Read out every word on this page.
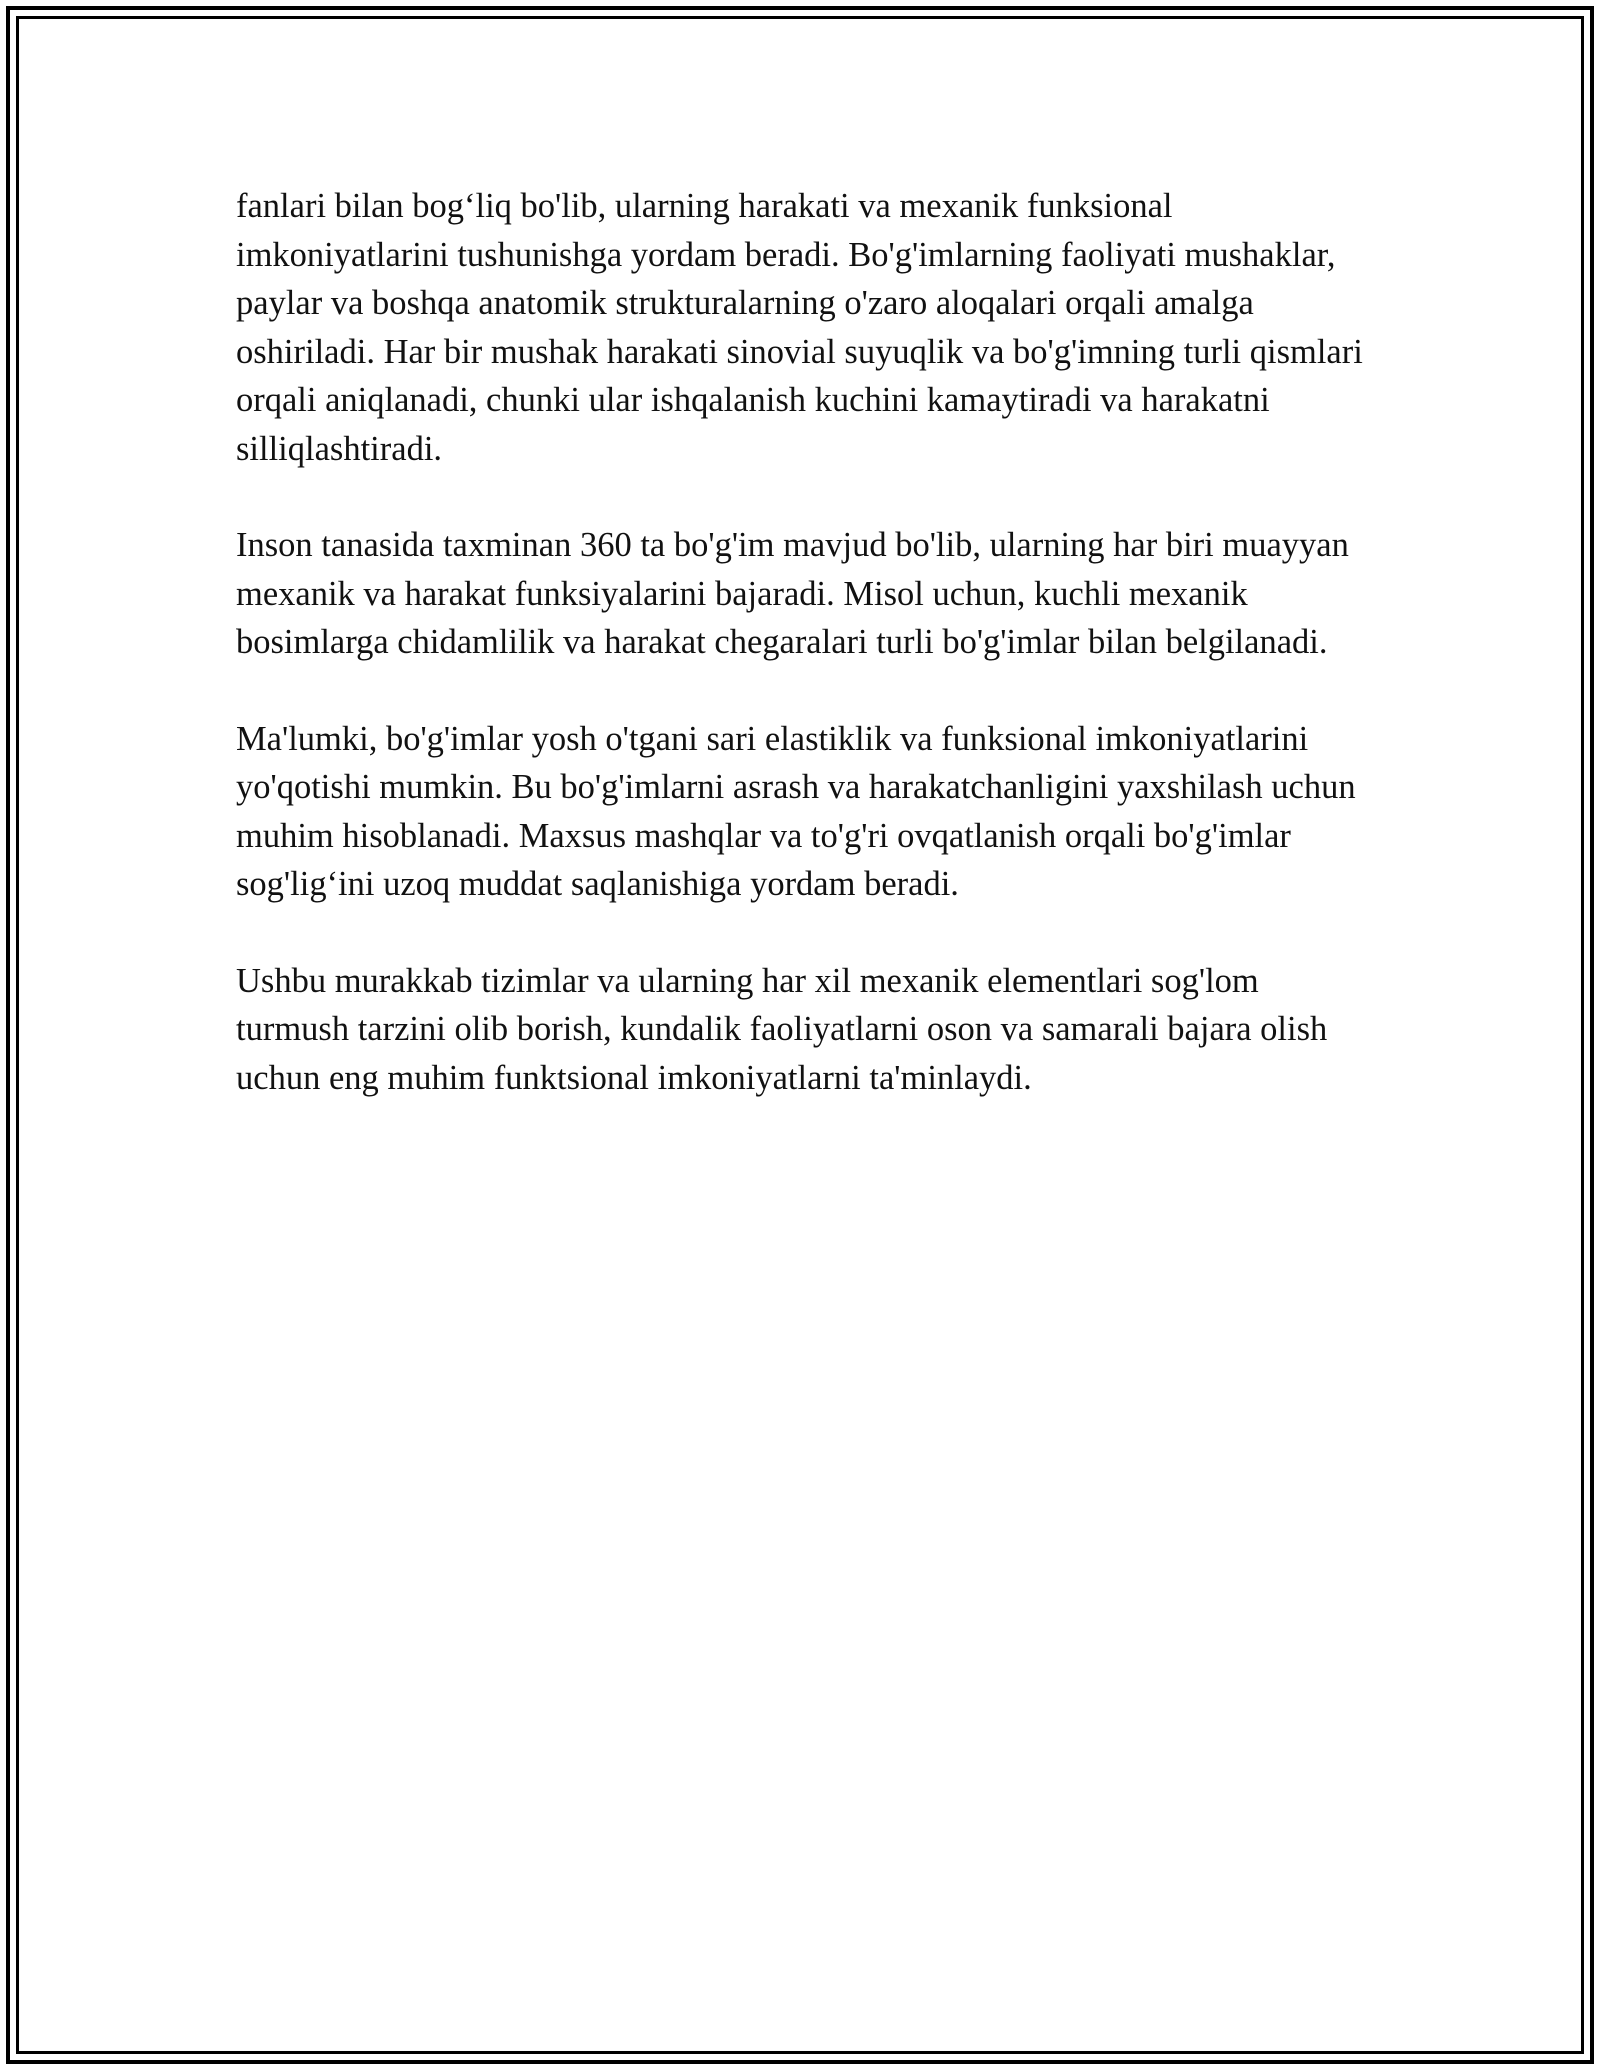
fanlari bilan bog‘liq bo'lib, ularning harakati va mexanik funksional imkoniyatlarini tushunishga yordam beradi. Bo'g'imlarning faoliyati mushaklar, paylar va boshqa anatomik strukturalarning o'zaro aloqalari orqali amalga oshiriladi. Har bir mushak harakati sinovial suyuqlik va bo'g'imning turli qismlari orqali aniqlanadi, chunki ular ishqalanish kuchini kamaytiradi va harakatni silliqlashtiradi.

Inson tanasida taxminan 360 ta bo'g'im mavjud bo'lib, ularning har biri muayyan mexanik va harakat funksiyalarini bajaradi. Misol uchun, kuchli mexanik bosimlarga chidamlilik va harakat chegaralari turli bo'g'imlar bilan belgilanadi.

Ma'lumki, bo'g'imlar yosh o'tgani sari elastiklik va funksional imkoniyatlarini yo'qotishi mumkin. Bu bo'g'imlarni asrash va harakatchanligini yaxshilash uchun muhim hisoblanadi. Maxsus mashqlar va to'g'ri ovqatlanish orqali bo'g'imlar sog'lig‘ini uzoq muddat saqlanishiga yordam beradi.

Ushbu murakkab tizimlar va ularning har xil mexanik elementlari sog'lom turmush tarzini olib borish, kundalik faoliyatlarni oson va samarali bajara olish uchun eng muhim funktsional imkoniyatlarni ta'minlaydi.
